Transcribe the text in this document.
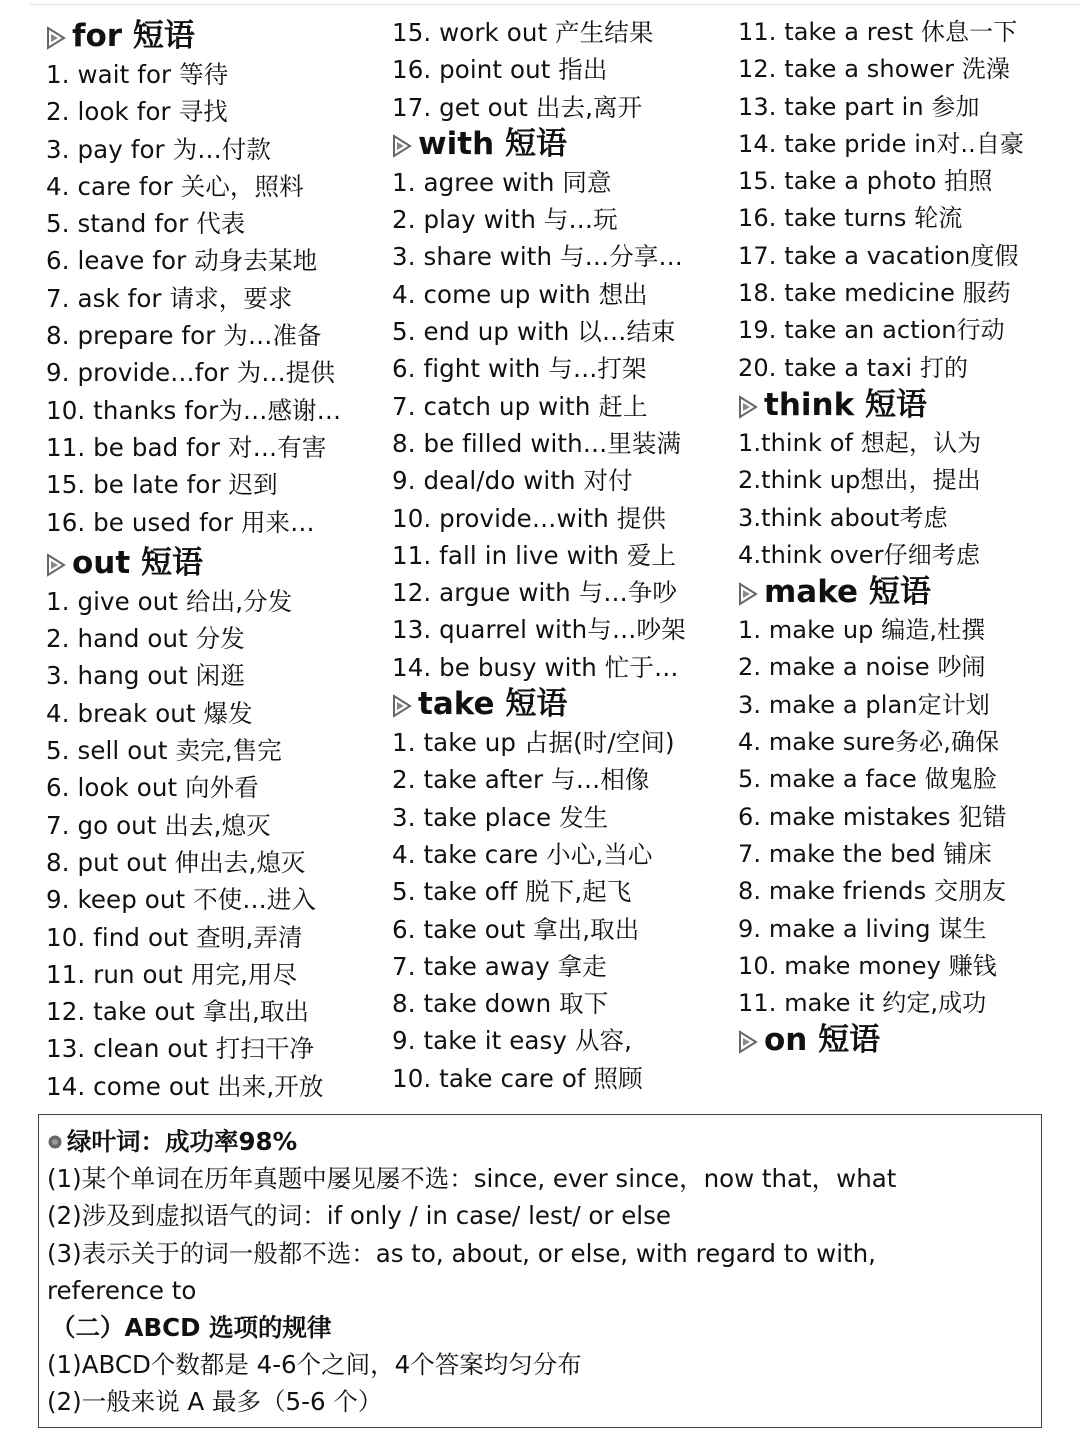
for 短语
1. wait for 等待
2. look for 寻找
3. pay for 为…付款
4. care for 关心，照料
5. stand for 代表
6. leave for 动身去某地
7. ask for 请求，要求
8. prepare for 为…准备
9. provide…for 为…提供
10. thanks for为…感谢…
11. be bad for 对…有害
15. be late for 迟到
16. be used for 用来…
out 短语
1. give out 给出,分发
2. hand out 分发
3. hang out 闲逛
4. break out 爆发
5. sell out 卖完,售完
6. look out 向外看
7. go out 出去,熄灭
8. put out 伸出去,熄灭
9. keep out 不使…进入
10. find out 查明,弄清
11. run out 用完,用尽
12. take out 拿出,取出
13. clean out 打扫干净
14. come out 出来,开放
15. work out 产生结果
16. point out 指出
17. get out 出去,离开
with 短语
1. agree with 同意
2. play with 与…玩
3. share with 与…分享…
4. come up with 想出
5. end up with 以…结束
6. fight with 与…打架
7. catch up with 赶上
8. be filled with…里装满
9. deal/do with 对付
10. provide…with 提供
11. fall in live with 爱上
12. argue with 与…争吵
13. quarrel with与…吵架
14. be busy with 忙于…
take 短语
1. take up 占据(时/空间)
2. take after 与…相像
3. take place 发生
4. take care 小心,当心
5. take off 脱下,起飞
6. take out 拿出,取出
7. take away 拿走
8. take down 取下
9. take it easy 从容,
10. take care of 照顾
11. take a rest 休息一下
12. take a shower 洗澡
13. take part in 参加
14. take pride in对..自豪
15. take a photo 拍照
16. take turns 轮流
17. take a vacation度假
18. take medicine 服药
19. take an action行动
20. take a taxi 打的
think 短语
1.think of 想起，认为
2.think up想出，提出
3.think about考虑
4.think over仔细考虑
make 短语
1. make up 编造,杜撰
2. make a noise 吵闹
3. make a plan定计划
4. make sure务必,确保
5. make a face 做鬼脸
6. make mistakes 犯错
7. make the bed 铺床
8. make friends 交朋友
9. make a living 谋生
10. make money 赚钱
11. make it 约定,成功
on 短语
绿叶词：成功率98%
(1)某个单词在历年真题中屡见屡不选：since, ever since，now that，what
(2)涉及到虚拟语气的词：if only / in case/ lest/ or else
(3)表示关于的词一般都不选：as to, about, or else, with regard to with,
reference to
（二）ABCD 选项的规律
(1)ABCD个数都是 4-6个之间，4个答案均匀分布
(2)一般来说 A 最多（5-6 个）
